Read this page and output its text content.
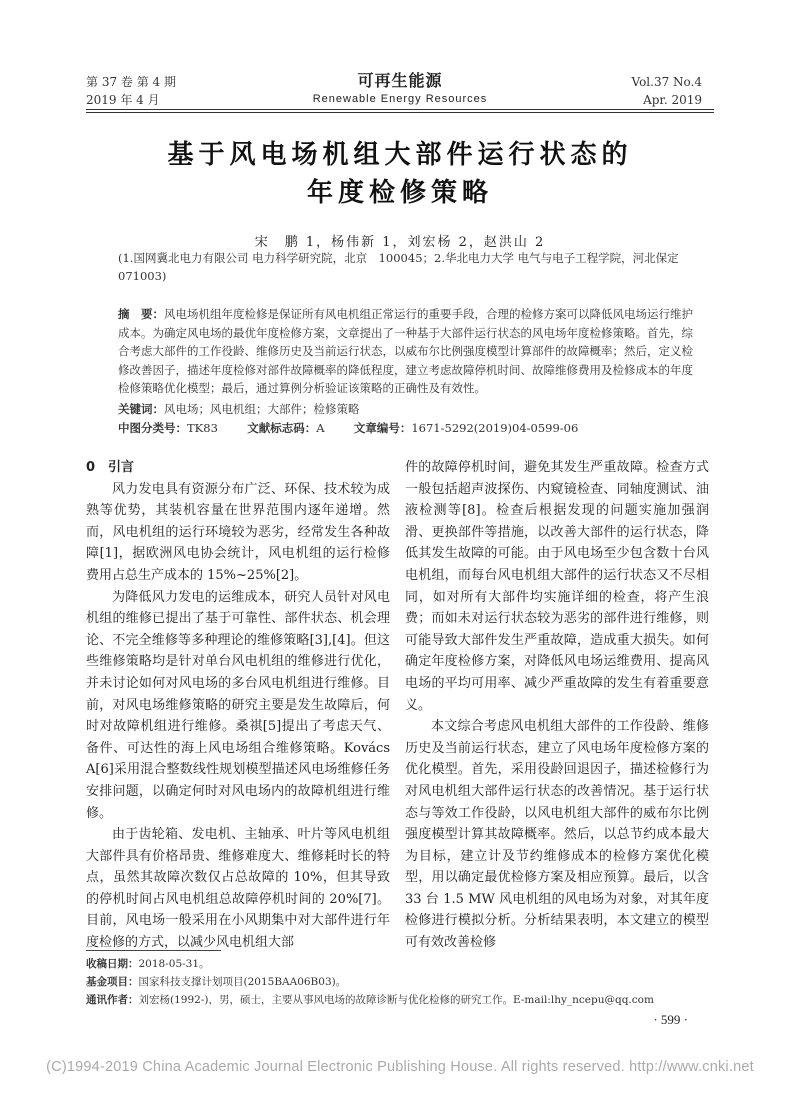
第 37 卷 第 4 期
2019 年 4 月
可再生能源
Renewable Energy Resources
Vol.37 No.4
Apr. 2019
基于风电场机组大部件运行状态的
年度检修策略
宋　鹏 1，杨伟新 1，刘宏杨 2，赵洪山 2
(1.国网冀北电力有限公司 电力科学研究院，北京　100045；2.华北电力大学 电气与电子工程学院，河北保定　071003)
摘　要：风电场机组年度检修是保证所有风电机组正常运行的重要手段，合理的检修方案可以降低风电场运行维护成本。为确定风电场的最优年度检修方案，文章提出了一种基于大部件运行状态的风电场年度检修策略。首先，综合考虑大部件的工作役龄、维修历史及当前运行状态，以威布尔比例强度模型计算部件的故障概率；然后，定义检修改善因子，描述年度检修对部件故障概率的降低程度，建立考虑故障停机时间、故障维修费用及检修成本的年度检修策略优化模型；最后，通过算例分析验证该策略的正确性及有效性。
关键词：风电场；风电机组；大部件；检修策略
中图分类号：TK83	文献标志码：A	文章编号：1671-5292(2019)04-0599-06
0　引言

风力发电具有资源分布广泛、环保、技术较为成熟等优势，其装机容量在世界范围内逐年递增。然而，风电机组的运行环境较为恶劣，经常发生各种故障[1]，据欧洲风电协会统计，风电机组的运行检修费用占总生产成本的 15%~25%[2]。

为降低风力发电的运维成本，研究人员针对风电机组的维修已提出了基于可靠性、部件状态、机会理论、不完全维修等多种理论的维修策略[3],[4]。但这些维修策略均是针对单台风电机组的维修进行优化，并未讨论如何对风电场的多台风电机组进行维修。目前，对风电场维修策略的研究主要是发生故障后，何时对故障机组进行维修。桑祺[5]提出了考虑天气、备件、可达性的海上风电场组合维修策略。Kovács A[6]采用混合整数线性规划模型描述风电场维修任务安排问题，以确定何时对风电场内的故障机组进行维修。

由于齿轮箱、发电机、主轴承、叶片等风电机组大部件具有价格昂贵、维修难度大、维修耗时长的特点，虽然其故障次数仅占总故障的 10%，但其导致的停机时间占风电机组总故障停机时间的 20%[7]。目前，风电场一般采用在小风期集中对大部件进行年度检修的方式，以减少风电机组大部

件的故障停机时间，避免其发生严重故障。检查方式一般包括超声波探伤、内窥镜检查、同轴度测试、油液检测等[8]。检查后根据发现的问题实施加强润滑、更换部件等措施，以改善大部件的运行状态，降低其发生故障的可能。由于风电场至少包含数十台风电机组，而每台风电机组大部件的运行状态又不尽相同，如对所有大部件均实施详细的检查，将产生浪费；而如未对运行状态较为恶劣的部件进行维修，则可能导致大部件发生严重故障，造成重大损失。如何确定年度检修方案，对降低风电场运维费用、提高风电场的平均可用率、减少严重故障的发生有着重要意义。

本文综合考虑风电机组大部件的工作役龄、维修历史及当前运行状态，建立了风电场年度检修方案的优化模型。首先，采用役龄回退因子，描述检修行为对风电机组大部件运行状态的改善情况。基于运行状态与等效工作役龄，以风电机组大部件的威布尔比例强度模型计算其故障概率。然后，以总节约成本最大为目标，建立计及节约维修成本的检修方案优化模型，用以确定最优检修方案及相应预算。最后，以含 33 台 1.5 MW 风电机组的风电场为对象，对其年度检修进行模拟分析。分析结果表明，本文建立的模型可有效改善检修

收稿日期：2018-05-31。
基金项目：国家科技支撑计划项目(2015BAA06B03)。
通讯作者：刘宏杨(1992-)，男，硕士，主要从事风电场的故障诊断与优化检修的研究工作。E-mail:lhy_ncepu@qq.com
· 599 ·
(C)1994-2019 China Academic Journal Electronic Publishing House. All rights reserved. http://www.cnki.net
